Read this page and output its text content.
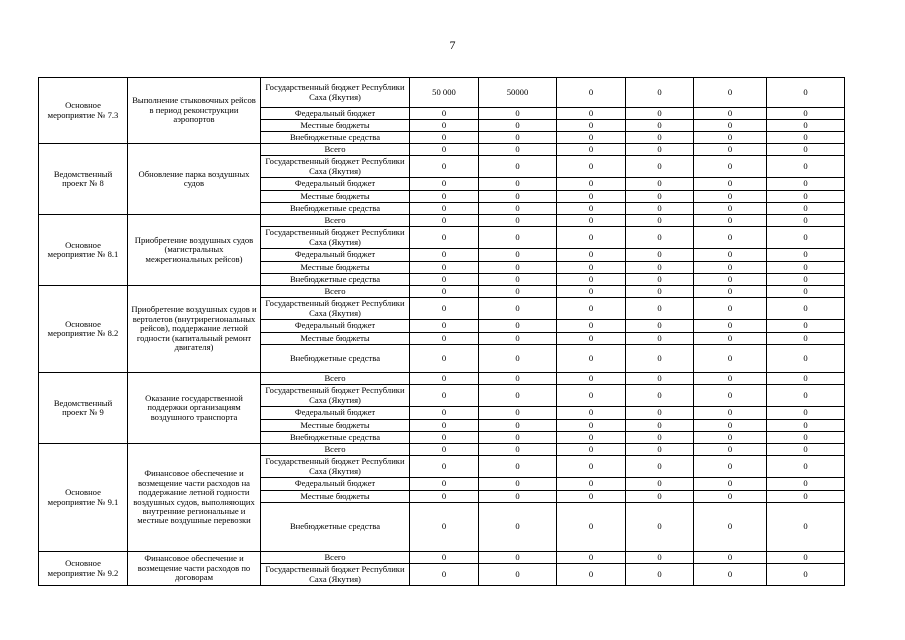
7
Основное мероприятие № 7.3	Выполнение стыковочных рейсов в период реконструкции аэропортов	Государственный бюджет Республики Саха (Якутия)	50 000	50000	0	0	0	0
		Федеральный бюджет	0	0	0	0	0	0
		Местные бюджеты	0	0	0	0	0	0
		Внебюджетные средства	0	0	0	0	0	0
Ведомственный проект № 8	Обновление парка воздушных судов	Всего	0	0	0	0	0	0
		Государственный бюджет Республики Саха (Якутия)	0	0	0	0	0	0
		Федеральный бюджет	0	0	0	0	0	0
		Местные бюджеты	0	0	0	0	0	0
		Внебюджетные средства	0	0	0	0	0	0
Основное мероприятие № 8.1	Приобретение воздушных судов (магистральных межрегиональных рейсов)	Всего	0	0	0	0	0	0
		Государственный бюджет Республики Саха (Якутия)	0	0	0	0	0	0
		Федеральный бюджет	0	0	0	0	0	0
		Местные бюджеты	0	0	0	0	0	0
		Внебюджетные средства	0	0	0	0	0	0
Основное мероприятие № 8.2	Приобретение воздушных судов и вертолетов (внутрирегиональных рейсов), поддержание летной годности (капитальный ремонт двигателя)	Всего	0	0	0	0	0	0
		Государственный бюджет Республики Саха (Якутия)	0	0	0	0	0	0
		Федеральный бюджет	0	0	0	0	0	0
		Местные бюджеты	0	0	0	0	0	0
		Внебюджетные средства	0	0	0	0	0	0
Ведомственный проект № 9	Оказание государственной поддержки организациям воздушного транспорта	Всего	0	0	0	0	0	0
		Государственный бюджет Республики Саха (Якутия)	0	0	0	0	0	0
		Федеральный бюджет	0	0	0	0	0	0
		Местные бюджеты	0	0	0	0	0	0
		Внебюджетные средства	0	0	0	0	0	0
Основное мероприятие № 9.1	Финансовое обеспечение и возмещение части расходов на поддержание летной годности воздушных судов, выполняющих внутренние региональные и местные воздушные перевозки	Всего	0	0	0	0	0	0
		Государственный бюджет Республики Саха (Якутия)	0	0	0	0	0	0
		Федеральный бюджет	0	0	0	0	0	0
		Местные бюджеты	0	0	0	0	0	0
		Внебюджетные средства	0	0	0	0	0	0
Основное мероприятие № 9.2	Финансовое обеспечение и возмещение части расходов по договорам	Всего	0	0	0	0	0	0
		Государственный бюджет Республики Саха (Якутия)	0	0	0	0	0	0
